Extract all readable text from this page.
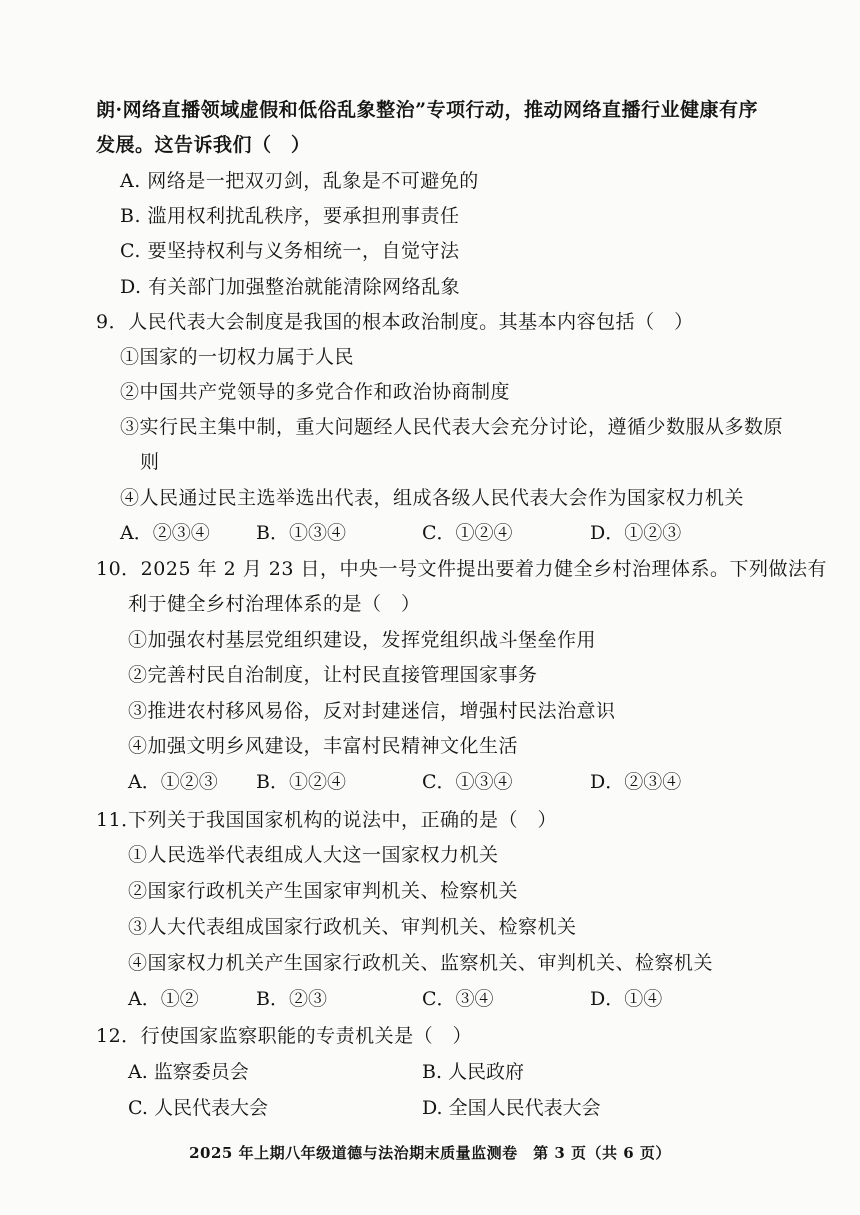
朗·网络直播领域虚假和低俗乱象整治”专项行动，推动网络直播行业健康有序
发展。这告诉我们（　）
A. 网络是一把双刃剑，乱象是不可避免的
B. 滥用权利扰乱秩序，要承担刑事责任
C. 要坚持权利与义务相统一，自觉守法
D. 有关部门加强整治就能清除网络乱象
9．人民代表大会制度是我国的根本政治制度。其基本内容包括（　）
①国家的一切权力属于人民
②中国共产党领导的多党合作和政治协商制度
③实行民主集中制，重大问题经人民代表大会充分讨论，遵循少数服从多数原
则
④人民通过民主选举选出代表，组成各级人民代表大会作为国家权力机关
A．②③④ B．①③④	C．①②④	D．①②③
10．2025 年 2 月 23 日，中央一号文件提出要着力健全乡村治理体系。下列做法有
利于健全乡村治理体系的是（　）
①加强农村基层党组织建设，发挥党组织战斗堡垒作用
②完善村民自治制度，让村民直接管理国家事务
③推进农村移风易俗，反对封建迷信，增强村民法治意识
④加强文明乡风建设，丰富村民精神文化生活
A．①②③ B．①②④	C．①③④	D．②③④
11．
下列关于我国国家机构的说法中，正确的是（　）
①人民选举代表组成人大这一国家权力机关
②国家行政机关产生国家审判机关、检察机关
③人大代表组成国家行政机关、审判机关、检察机关
④国家权力机关产生国家行政机关、监察机关、审判机关、检察机关
A．①②	B．②③	C．③④	D．①④
12．行使国家监察职能的专责机关是（　）
A. 监察委员会	B. 人民政府
C. 人民代表大会	D. 全国人民代表大会
2025 年上期八年级道德与法治期末质量监测卷　第 3 页（共 6 页）
